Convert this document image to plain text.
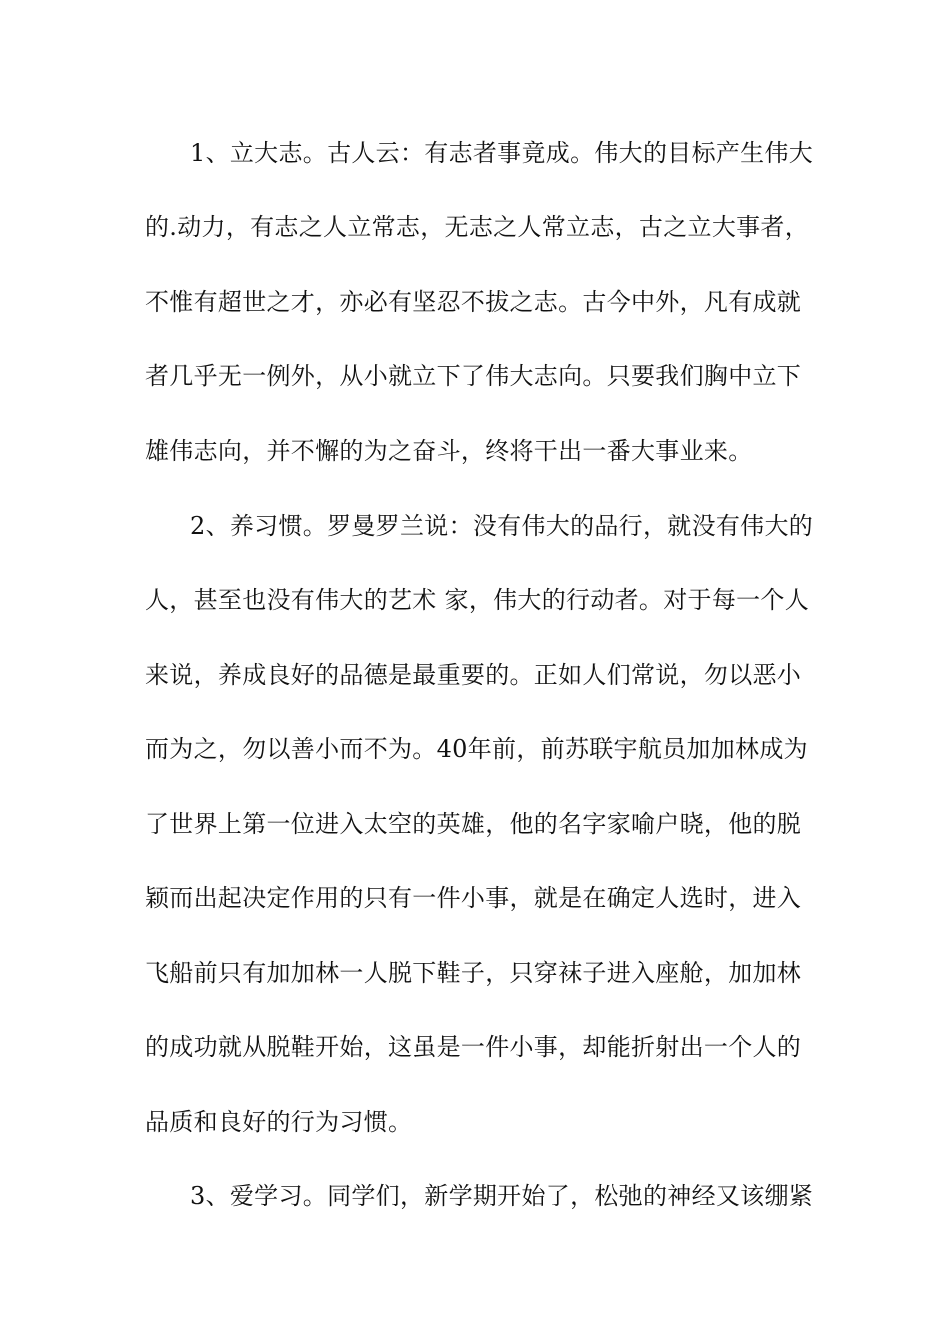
1、立大志。古人云：有志者事竟成。伟大的目标产生伟大
的.动力，有志之人立常志，无志之人常立志，古之立大事者，
不惟有超世之才，亦必有坚忍不拔之志。古今中外，凡有成就
者几乎无一例外，从小就立下了伟大志向。只要我们胸中立下
雄伟志向，并不懈的为之奋斗，终将干出一番大事业来。
2、养习惯。罗曼罗兰说：没有伟大的品行，就没有伟大的
人，甚至也没有伟大的艺术 家，伟大的行动者。对于每一个人
来说，养成良好的品德是最重要的。正如人们常说，勿以恶小
而为之，勿以善小而不为。40年前，前苏联宇航员加加林成为
了世界上第一位进入太空的英雄，他的名字家喻户晓，他的脱
颖而出起决定作用的只有一件小事，就是在确定人选时，进入
飞船前只有加加林一人脱下鞋子，只穿袜子进入座舱，加加林
的成功就从脱鞋开始，这虽是一件小事，却能折射出一个人的
品质和良好的行为习惯。
3、爱学习。同学们，新学期开始了，松弛的神经又该绷紧
